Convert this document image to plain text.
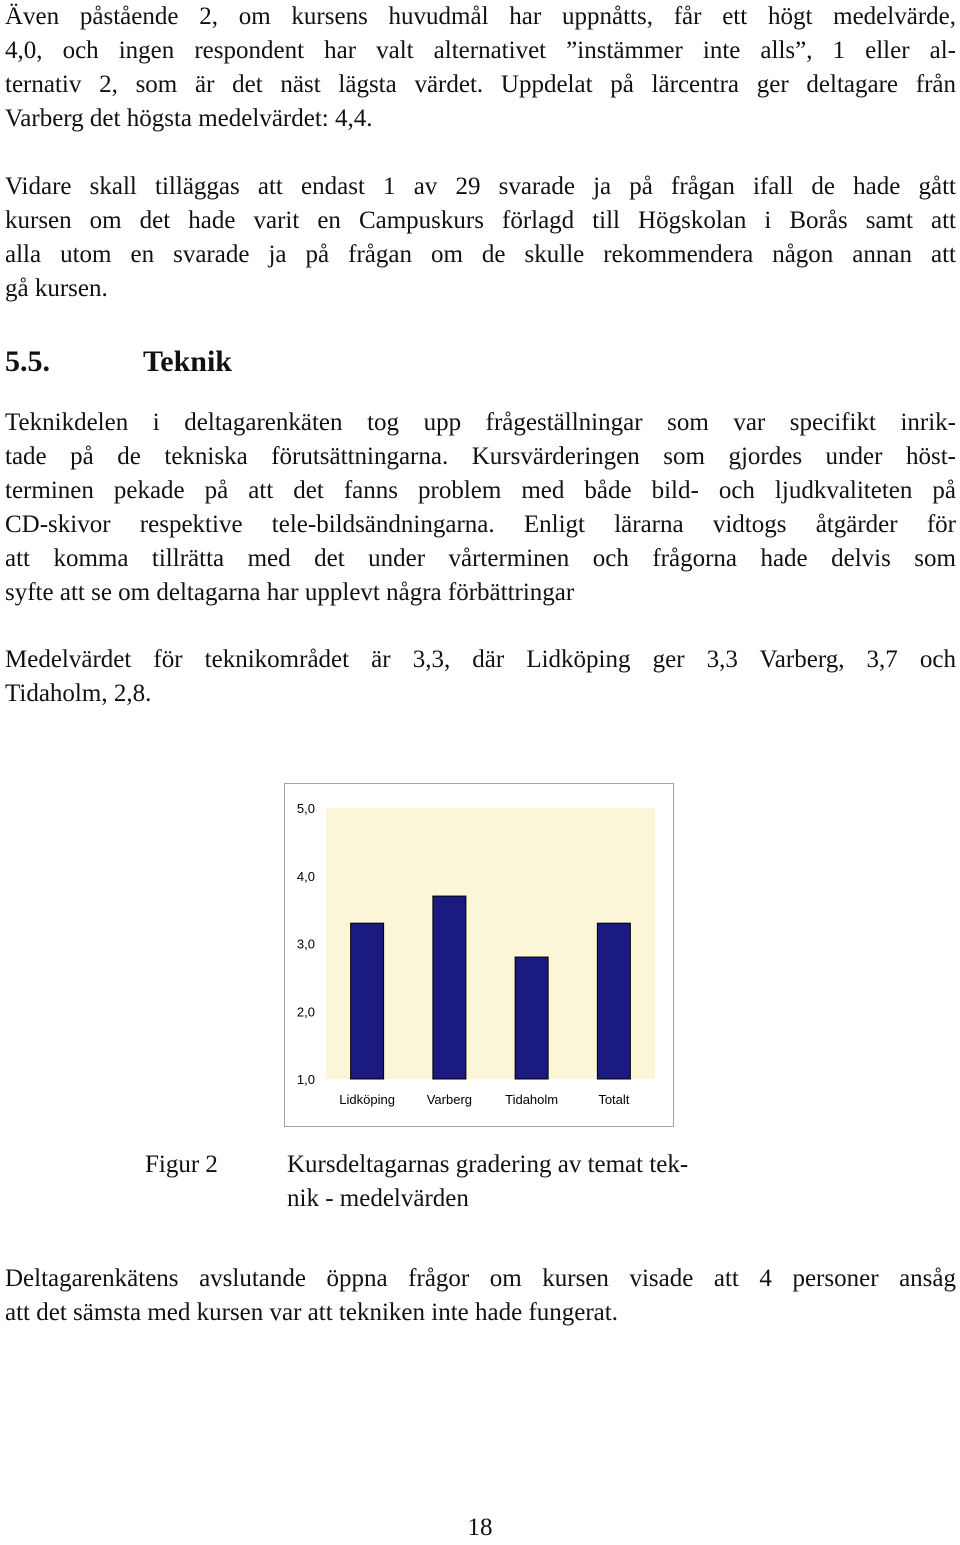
Även påstående 2, om kursens huvudmål har uppnåtts, får ett högt medelvärde,
4,0, och ingen respondent har valt alternativet ”instämmer inte alls”, 1 eller al-
ternativ 2, som är det näst lägsta värdet. Uppdelat på lärcentra ger deltagare från
Varberg det högsta medelvärdet: 4,4.
Vidare skall tilläggas att endast 1 av 29 svarade ja på frågan ifall de hade gått
kursen om det hade varit en Campuskurs förlagd till Högskolan i Borås samt att
alla utom en svarade ja på frågan om de skulle rekommendera någon annan att
gå kursen.
5.5.	Teknik
Teknikdelen i deltagarenkäten tog upp frågeställningar som var specifikt inrik-
tade på de tekniska förutsättningarna. Kursvärderingen som gjordes under höst-
terminen pekade på att det fanns problem med både bild- och ljudkvaliteten på
CD-skivor respektive tele-bildsändningarna. Enligt lärarna vidtogs åtgärder för
att komma tillrätta med det under vårterminen och frågorna hade delvis som
syfte att se om deltagarna har upplevt några förbättringar
Medelvärdet för teknikområdet är 3,3, där Lidköping ger 3,3 Varberg, 3,7 och
Tidaholm, 2,8.
1,0
2,0
3,0
4,0
5,0
Lidköping Varberg	Tidaholm	Totalt

Figur 2	Kursdeltagarnas gradering av temat tek-
nik - medelvärden

Deltagarenkätens avslutande öppna frågor om kursen visade att 4 personer ansåg
att det sämsta med kursen var att tekniken inte hade fungerat.

18
